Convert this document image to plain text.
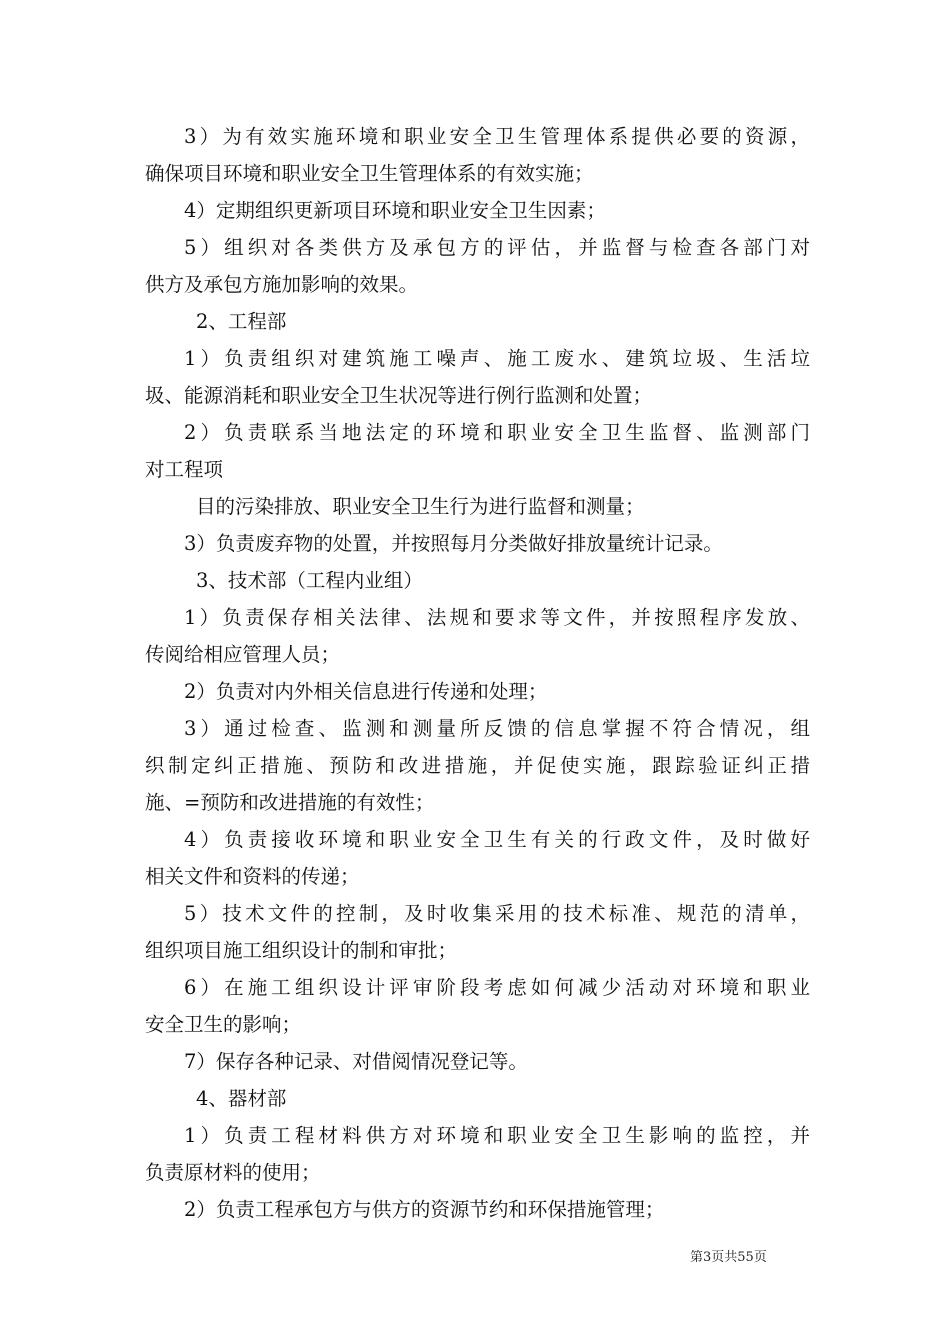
3）为有效实施环境和职业安全卫生管理体系提供必要的资源，
确保项目环境和职业安全卫生管理体系的有效实施；
4）定期组织更新项目环境和职业安全卫生因素；
5）组织对各类供方及承包方的评估，并监督与检查各部门对
供方及承包方施加影响的效果。
2、工程部
1）负责组织对建筑施工噪声、施工废水、建筑垃圾、生活垃
圾、能源消耗和职业安全卫生状况等进行例行监测和处置；
2）负责联系当地法定的环境和职业安全卫生监督、监测部门
对工程项
目的污染排放、职业安全卫生行为进行监督和测量；
3）负责废弃物的处置，并按照每月分类做好排放量统计记录。
3、技术部（工程内业组）
1）负责保存相关法律、法规和要求等文件，并按照程序发放、
传阅给相应管理人员；
2）负责对内外相关信息进行传递和处理；
3）通过检查、监测和测量所反馈的信息掌握不符合情况，组
织制定纠正措施、预防和改进措施，并促使实施，跟踪验证纠正措
施、=预防和改进措施的有效性；
4）负责接收环境和职业安全卫生有关的行政文件，及时做好
相关文件和资料的传递；
5）技术文件的控制，及时收集采用的技术标准、规范的清单，
组织项目施工组织设计的制和审批；
6）在施工组织设计评审阶段考虑如何减少活动对环境和职业
安全卫生的影响；
7）保存各种记录、对借阅情况登记等。
4、器材部
1）负责工程材料供方对环境和职业安全卫生影响的监控，并
负责原材料的使用；
2）负责工程承包方与供方的资源节约和环保措施管理；
第3页共55页
